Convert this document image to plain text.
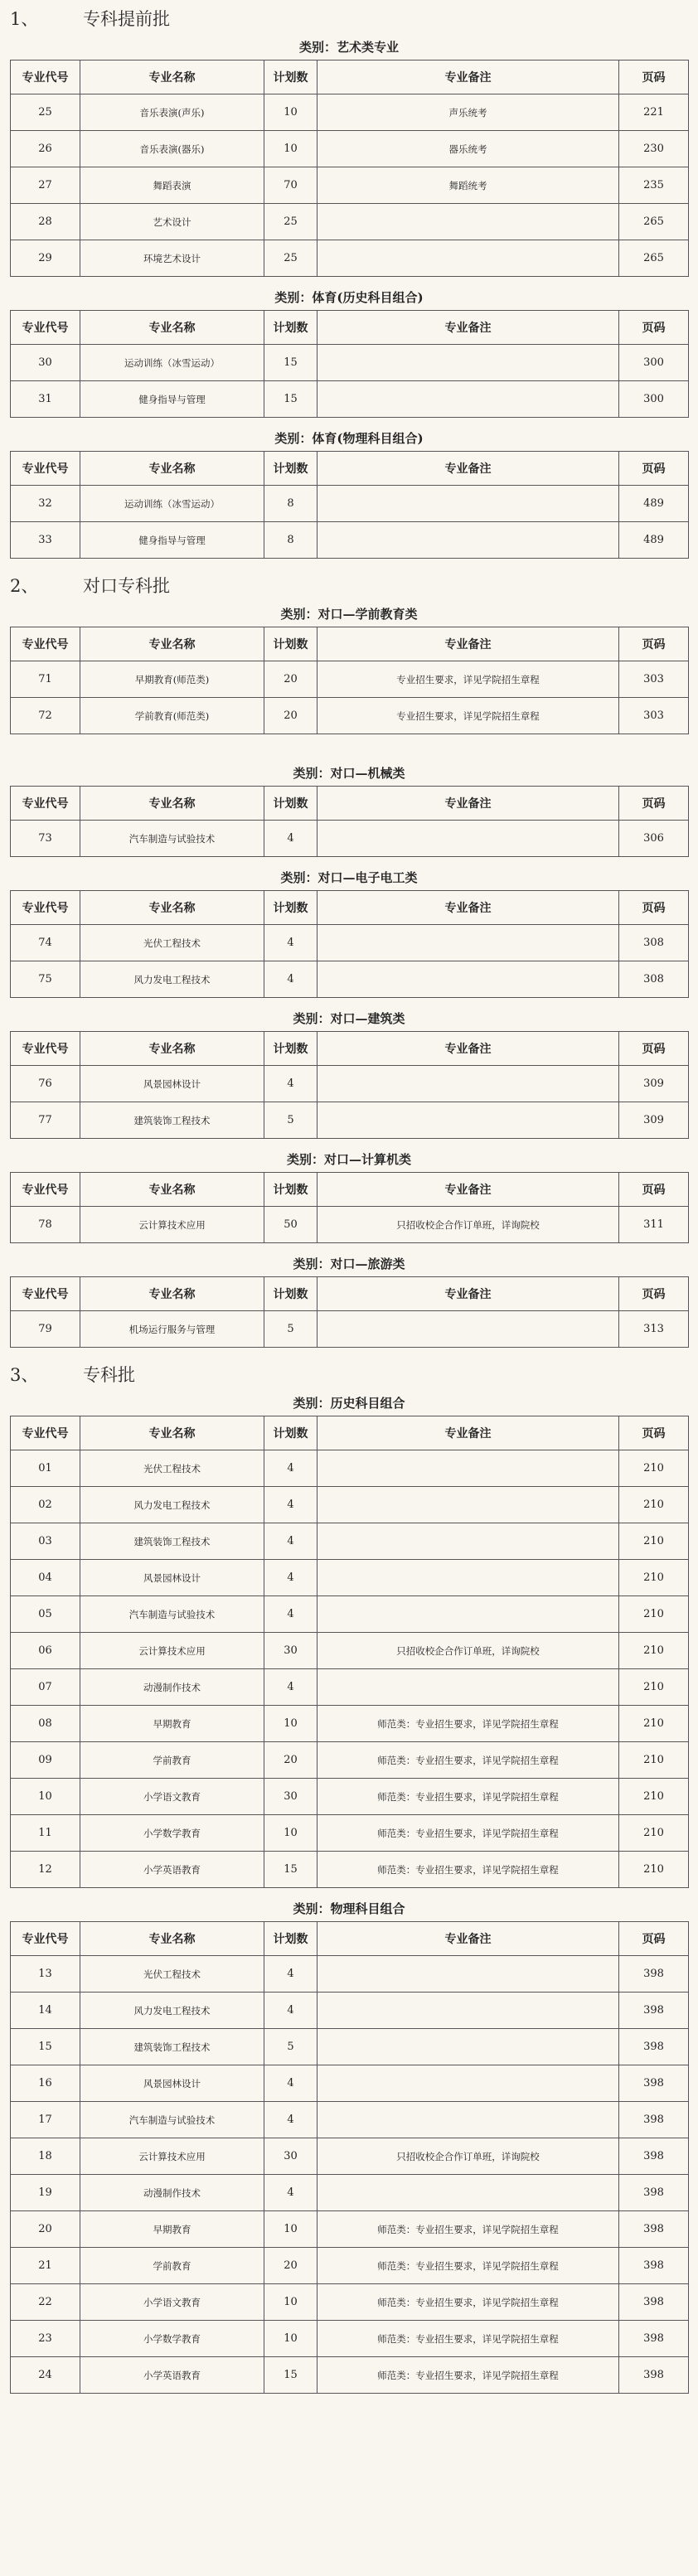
1、	专科提前批
类别：艺术类专业
专业代号	专业名称	计划数	专业备注	页码
25	音乐表演(声乐)	10	声乐统考	221
26	音乐表演(器乐)	10	器乐统考	230
27	舞蹈表演	70	舞蹈统考	235
28	艺术设计	25		265
29	环境艺术设计	25		265
类别：体育(历史科目组合)
专业代号	专业名称	计划数	专业备注	页码
30	运动训练（冰雪运动）	15		300
31	健身指导与管理	15		300
类别：体育(物理科目组合)
专业代号	专业名称	计划数	专业备注	页码
32	运动训练（冰雪运动）	8		489
33	健身指导与管理	8		489
2、	对口专科批
类别：对口—学前教育类
专业代号	专业名称	计划数	专业备注	页码
71	早期教育(师范类)	20	专业招生要求，详见学院招生章程	303
72	学前教育(师范类)	20	专业招生要求，详见学院招生章程	303
类别：对口—机械类
专业代号	专业名称	计划数	专业备注	页码
73	汽车制造与试验技术	4		306
类别：对口—电子电工类
专业代号	专业名称	计划数	专业备注	页码
74	光伏工程技术	4		308
75	风力发电工程技术	4		308
类别：对口—建筑类
专业代号	专业名称	计划数	专业备注	页码
76	风景园林设计	4		309
77	建筑装饰工程技术	5		309
类别：对口—计算机类
专业代号	专业名称	计划数	专业备注	页码
78	云计算技术应用	50	只招收校企合作订单班，详询院校	311
类别：对口—旅游类
专业代号	专业名称	计划数	专业备注	页码
79	机场运行服务与管理	5		313
3、	专科批
类别：历史科目组合
专业代号	专业名称	计划数	专业备注	页码
01	光伏工程技术	4		210
02	风力发电工程技术	4		210
03	建筑装饰工程技术	4		210
04	风景园林设计	4		210
05	汽车制造与试验技术	4		210
06	云计算技术应用	30	只招收校企合作订单班，详询院校	210
07	动漫制作技术	4		210
08	早期教育	10	师范类：专业招生要求，详见学院招生章程	210
09	学前教育	20	师范类：专业招生要求，详见学院招生章程	210
10	小学语文教育	30	师范类：专业招生要求，详见学院招生章程	210
11	小学数学教育	10	师范类：专业招生要求，详见学院招生章程	210
12	小学英语教育	15	师范类：专业招生要求，详见学院招生章程	210
类别：物理科目组合
专业代号	专业名称	计划数	专业备注	页码
13	光伏工程技术	4		398
14	风力发电工程技术	4		398
15	建筑装饰工程技术	5		398
16	风景园林设计	4		398
17	汽车制造与试验技术	4		398
18	云计算技术应用	30	只招收校企合作订单班，详询院校	398
19	动漫制作技术	4		398
20	早期教育	10	师范类：专业招生要求，详见学院招生章程	398
21	学前教育	20	师范类：专业招生要求，详见学院招生章程	398
22	小学语文教育	10	师范类：专业招生要求，详见学院招生章程	398
23	小学数学教育	10	师范类：专业招生要求，详见学院招生章程	398
24	小学英语教育	15	师范类：专业招生要求，详见学院招生章程	398
